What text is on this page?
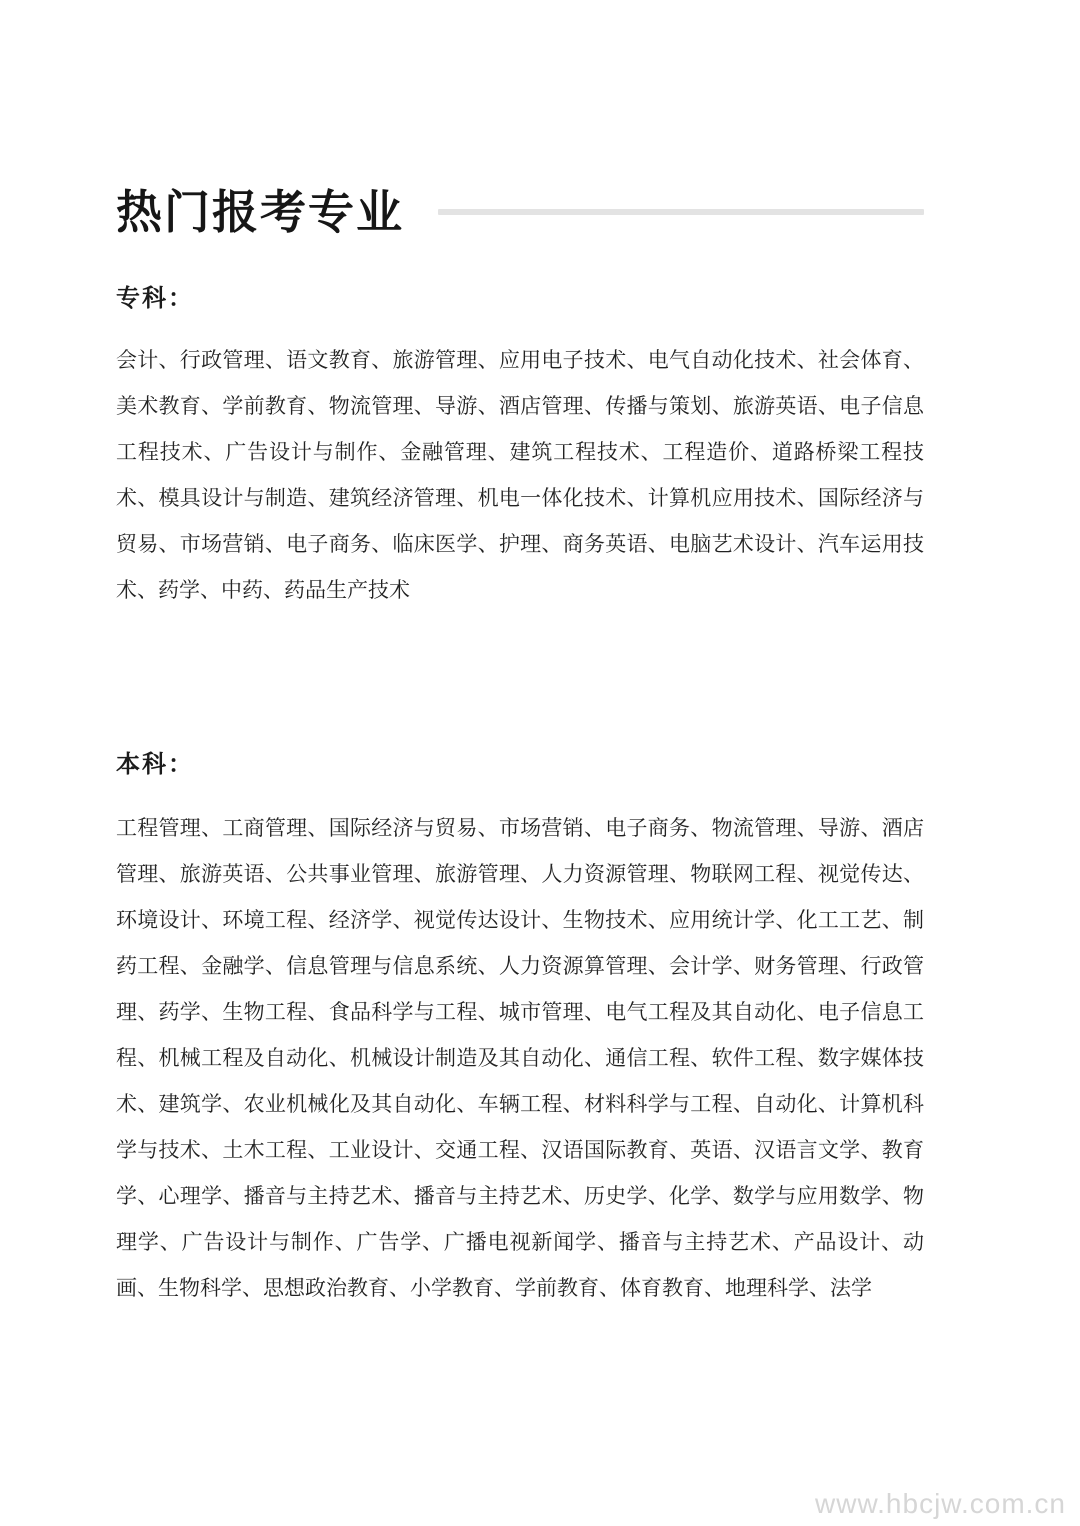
热门报考专业
专科：
会计、行政管理、语文教育、旅游管理、应用电子技术、电气自动化技术、社会体育、美术教育、学前教育、物流管理、导游、酒店管理、传播与策划、旅游英语、电子信息工程技术、广告设计与制作、金融管理、建筑工程技术、工程造价、道路桥梁工程技术、模具设计与制造、建筑经济管理、机电一体化技术、计算机应用技术、国际经济与贸易、市场营销、电子商务、临床医学、护理、商务英语、电脑艺术设计、汽车运用技术、药学、中药、药品生产技术
本科：
工程管理、工商管理、国际经济与贸易、市场营销、电子商务、物流管理、导游、酒店管理、旅游英语、公共事业管理、旅游管理、人力资源管理、物联网工程、视觉传达、环境设计、环境工程、经济学、视觉传达设计、生物技术、应用统计学、化工工艺、制药工程、金融学、信息管理与信息系统、人力资源算管理、会计学、财务管理、行政管理、药学、生物工程、食品科学与工程、城市管理、电气工程及其自动化、电子信息工程、机械工程及自动化、机械设计制造及其自动化、通信工程、软件工程、数字媒体技术、建筑学、农业机械化及其自动化、车辆工程、材料科学与工程、自动化、计算机科学与技术、土木工程、工业设计、交通工程、汉语国际教育、英语、汉语言文学、教育学、心理学、播音与主持艺术、播音与主持艺术、历史学、化学、数学与应用数学、物理学、广告设计与制作、广告学、广播电视新闻学、播音与主持艺术、产品设计、动画、生物科学、思想政治教育、小学教育、学前教育、体育教育、地理科学、法学
www.hbcjw.com.cn
